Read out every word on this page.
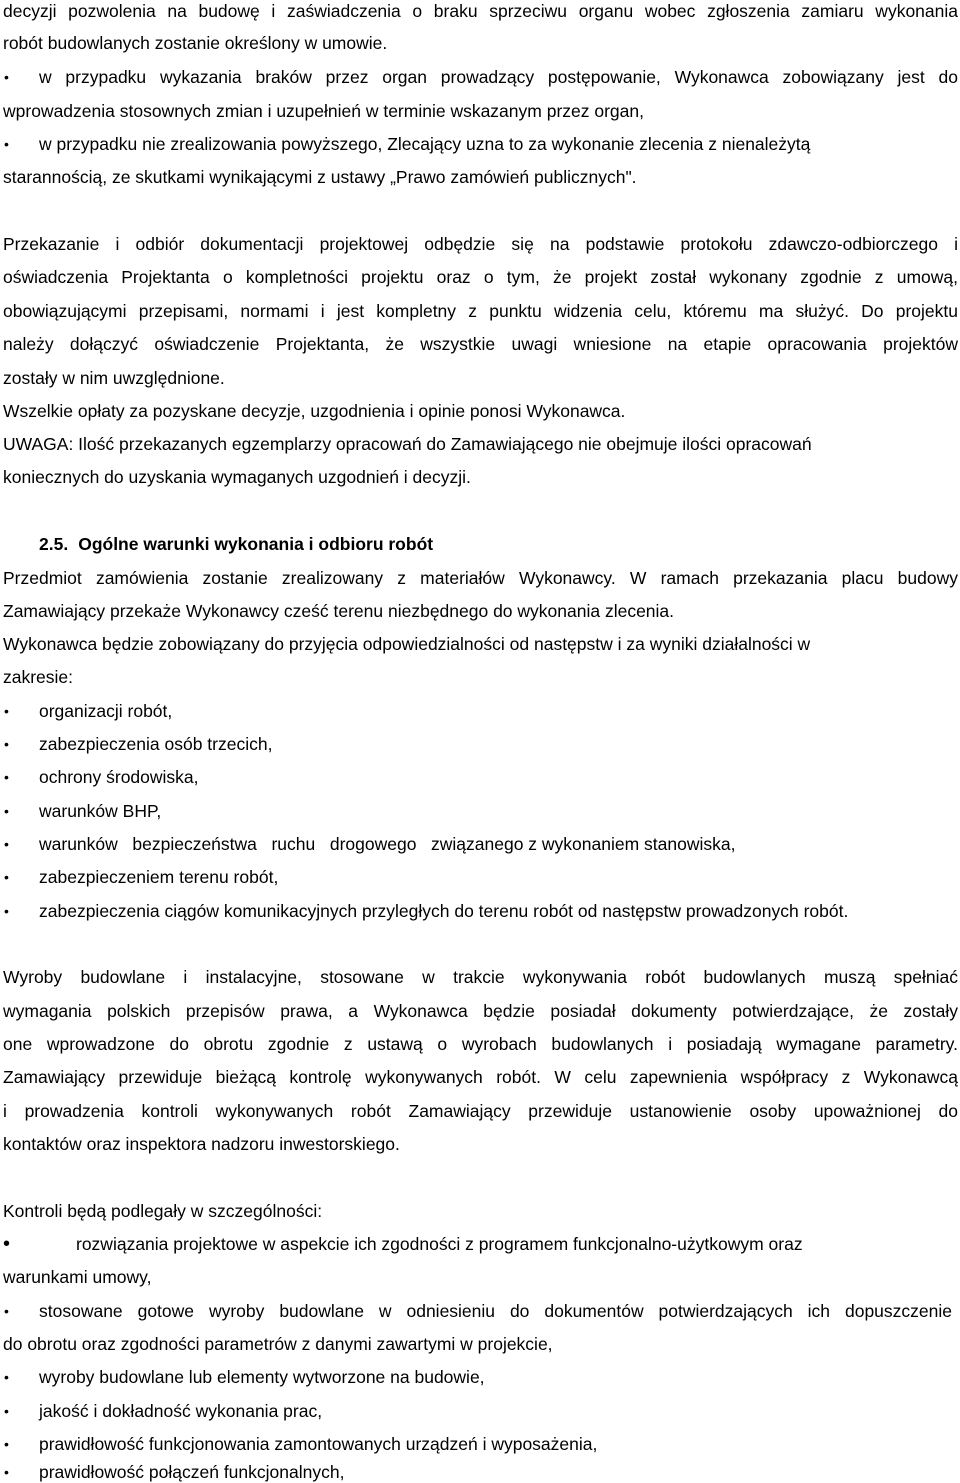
decyzji pozwolenia na budowę i zaświadczenia o braku sprzeciwu organu wobec zgłoszenia zamiaru wykonania
robót budowlanych zostanie określony w umowie.
• w przypadku wykazania braków przez organ prowadzący postępowanie, Wykonawca zobowiązany jest do
wprowadzenia stosownych zmian i uzupełnień w terminie wskazanym przez organ,
• w przypadku nie zrealizowania powyższego, Zlecający uzna to za wykonanie zlecenia z nienależytą
starannością, ze skutkami wynikającymi z ustawy „Prawo zamówień publicznych".
Przekazanie i odbiór dokumentacji projektowej odbędzie się na podstawie protokołu zdawczo-odbiorczego i
oświadczenia Projektanta o kompletności projektu oraz o tym, że projekt został wykonany zgodnie z umową,
obowiązującymi przepisami, normami i jest kompletny z punktu widzenia celu, któremu ma służyć. Do projektu
należy dołączyć oświadczenie Projektanta, że wszystkie uwagi wniesione na etapie opracowania projektów
zostały w nim uwzględnione.
Wszelkie opłaty za pozyskane decyzje, uzgodnienia i opinie ponosi Wykonawca.
UWAGA: Ilość przekazanych egzemplarzy opracowań do Zamawiającego nie obejmuje ilości opracowań
koniecznych do uzyskania wymaganych uzgodnień i decyzji.
2.5. Ogólne warunki wykonania i odbioru robót
Przedmiot zamówienia zostanie zrealizowany z materiałów Wykonawcy. W ramach przekazania placu budowy
Zamawiający przekaże Wykonawcy cześć terenu niezbędnego do wykonania zlecenia.
Wykonawca będzie zobowiązany do przyjęcia odpowiedzialności od następstw i za wyniki działalności w
zakresie:
• organizacji robót,
• zabezpieczenia osób trzecich,
• ochrony środowiska,
• warunków BHP,
• warunków   bezpieczeństwa   ruchu   drogowego   związanego z wykonaniem stanowiska,
• zabezpieczeniem terenu robót,
• zabezpieczenia ciągów komunikacyjnych przyległych do terenu robót od następstw prowadzonych robót.
Wyroby budowlane i instalacyjne, stosowane w trakcie wykonywania robót budowlanych muszą spełniać
wymagania polskich przepisów prawa, a Wykonawca będzie posiadał dokumenty potwierdzające, że zostały
one wprowadzone do obrotu zgodnie z ustawą o wyrobach budowlanych i posiadają wymagane parametry.
Zamawiający przewiduje bieżącą kontrolę wykonywanych robót. W celu zapewnienia współpracy z Wykonawcą
i prowadzenia kontroli wykonywanych robót Zamawiający przewiduje ustanowienie osoby upoważnionej do
kontaktów oraz inspektora nadzoru inwestorskiego.
Kontroli będą podlegały w szczególności:
•	rozwiązania projektowe w aspekcie ich zgodności z programem funkcjonalno-użytkowym oraz
warunkami umowy,
• stosowane gotowe wyroby budowlane w odniesieniu do dokumentów potwierdzających ich dopuszczenie
do obrotu oraz zgodności parametrów z danymi zawartymi w projekcie,
• wyroby budowlane lub elementy wytworzone na budowie,
• jakość i dokładność wykonania prac,
• prawidłowość funkcjonowania zamontowanych urządzeń i wyposażenia,
• prawidłowość połączeń funkcjonalnych,
